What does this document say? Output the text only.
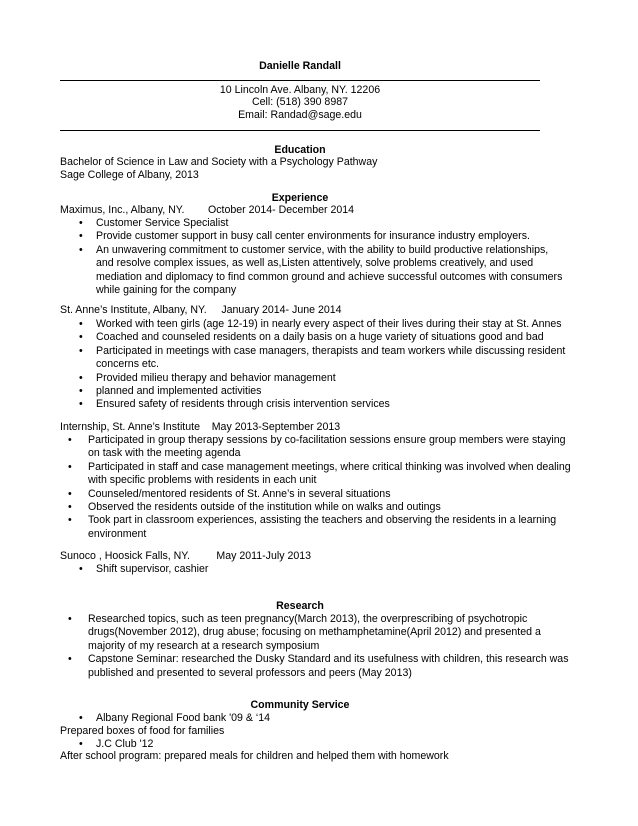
Danielle Randall
10 Lincoln Ave. Albany, NY. 12206
Cell: (518) 390 8987
Email: Randad@sage.edu
Education
Bachelor of Science in Law and Society with a Psychology Pathway
Sage College of Albany, 2013
Experience
Maximus, Inc., Albany, NY.        October 2014- December 2014
• Customer Service Specialist
• Provide customer support in busy call center environments for insurance industry employers.
• An unwavering commitment to customer service, with the ability to build productive relationships, and resolve complex issues, as well as,Listen attentively, solve problems creatively, and used mediation and diplomacy to find common ground and achieve successful outcomes with consumers while gaining for the company
St. Anne’s Institute, Albany, NY.     January 2014- June 2014
• Worked with teen girls (age 12-19) in nearly every aspect of their lives during their stay at St. Annes
• Coached and counseled residents on a daily basis on a huge variety of situations good and bad
• Participated in meetings with case managers, therapists and team workers while discussing resident concerns etc.
• Provided milieu therapy and behavior management
• planned and implemented activities
• Ensured safety of residents through crisis intervention services
Internship, St. Anne’s Institute    May 2013-September 2013
• Participated in group therapy sessions by co-facilitation sessions ensure group members were staying on task with the meeting agenda
• Participated in staff and case management meetings, where critical thinking was involved when dealing with specific problems with residents in each unit
• Counseled/mentored residents of St. Anne’s in several situations
• Observed the residents outside of the institution while on walks and outings
• Took part in classroom experiences, assisting the teachers and observing the residents in a learning environment
Sunoco , Hoosick Falls, NY.         May 2011-July 2013
• Shift supervisor, cashier
Research
• Researched topics, such as teen pregnancy(March 2013), the overprescribing of psychotropic drugs(November 2012), drug abuse; focusing on methamphetamine(April 2012) and presented a majority of my research at a research symposium
• Capstone Seminar: researched the Dusky Standard and its usefulness with children, this research was published and presented to several professors and peers (May 2013)
Community Service
• Albany Regional Food bank '09 & ‘14
Prepared boxes of food for families
• J.C Club '12
After school program: prepared meals for children and helped them with homework
